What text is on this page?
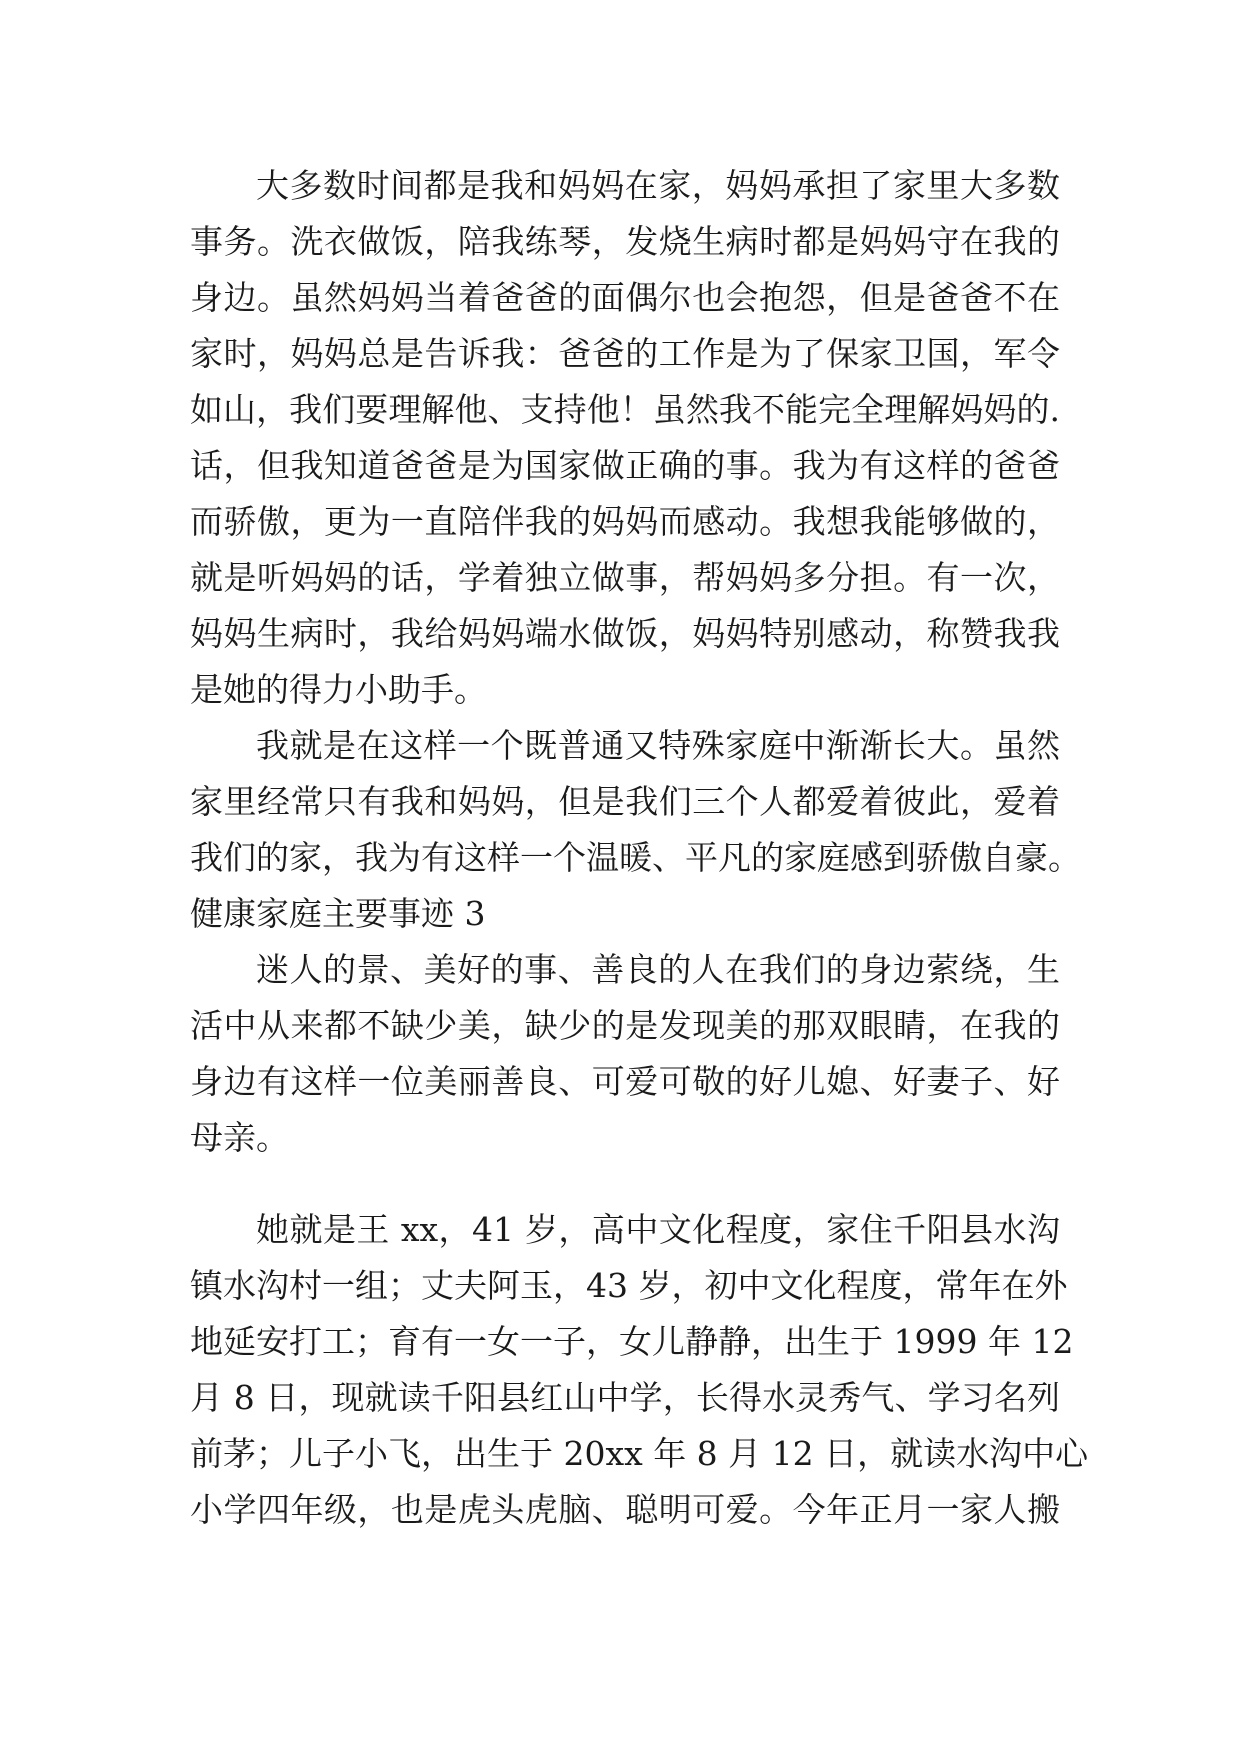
大多数时间都是我和妈妈在家，妈妈承担了家里大多数
事务。洗衣做饭，陪我练琴，发烧生病时都是妈妈守在我的
身边。虽然妈妈当着爸爸的面偶尔也会抱怨，但是爸爸不在
家时，妈妈总是告诉我：爸爸的工作是为了保家卫国，军令
如山，我们要理解他、支持他！虽然我不能完全理解妈妈的.
话，但我知道爸爸是为国家做正确的事。我为有这样的爸爸
而骄傲，更为一直陪伴我的妈妈而感动。我想我能够做的，
就是听妈妈的话，学着独立做事，帮妈妈多分担。有一次，
妈妈生病时，我给妈妈端水做饭，妈妈特别感动，称赞我我
是她的得力小助手。
我就是在这样一个既普通又特殊家庭中渐渐长大。虽然
家里经常只有我和妈妈，但是我们三个人都爱着彼此，爱着
我们的家，我为有这样一个温暖、平凡的家庭感到骄傲自豪。
健康家庭主要事迹 3
迷人的景、美好的事、善良的人在我们的身边萦绕，生
活中从来都不缺少美，缺少的是发现美的那双眼睛，在我的
身边有这样一位美丽善良、可爱可敬的好儿媳、好妻子、好
母亲。
她就是王 xx，41 岁，高中文化程度，家住千阳县水沟
镇水沟村一组；丈夫阿玉，43 岁，初中文化程度，常年在外
地延安打工；育有一女一子，女儿静静，出生于 1999 年 12
月 8 日，现就读千阳县红山中学，长得水灵秀气、学习名列
前茅；儿子小飞，出生于 20xx 年 8 月 12 日，就读水沟中心
小学四年级，也是虎头虎脑、聪明可爱。今年正月一家人搬
